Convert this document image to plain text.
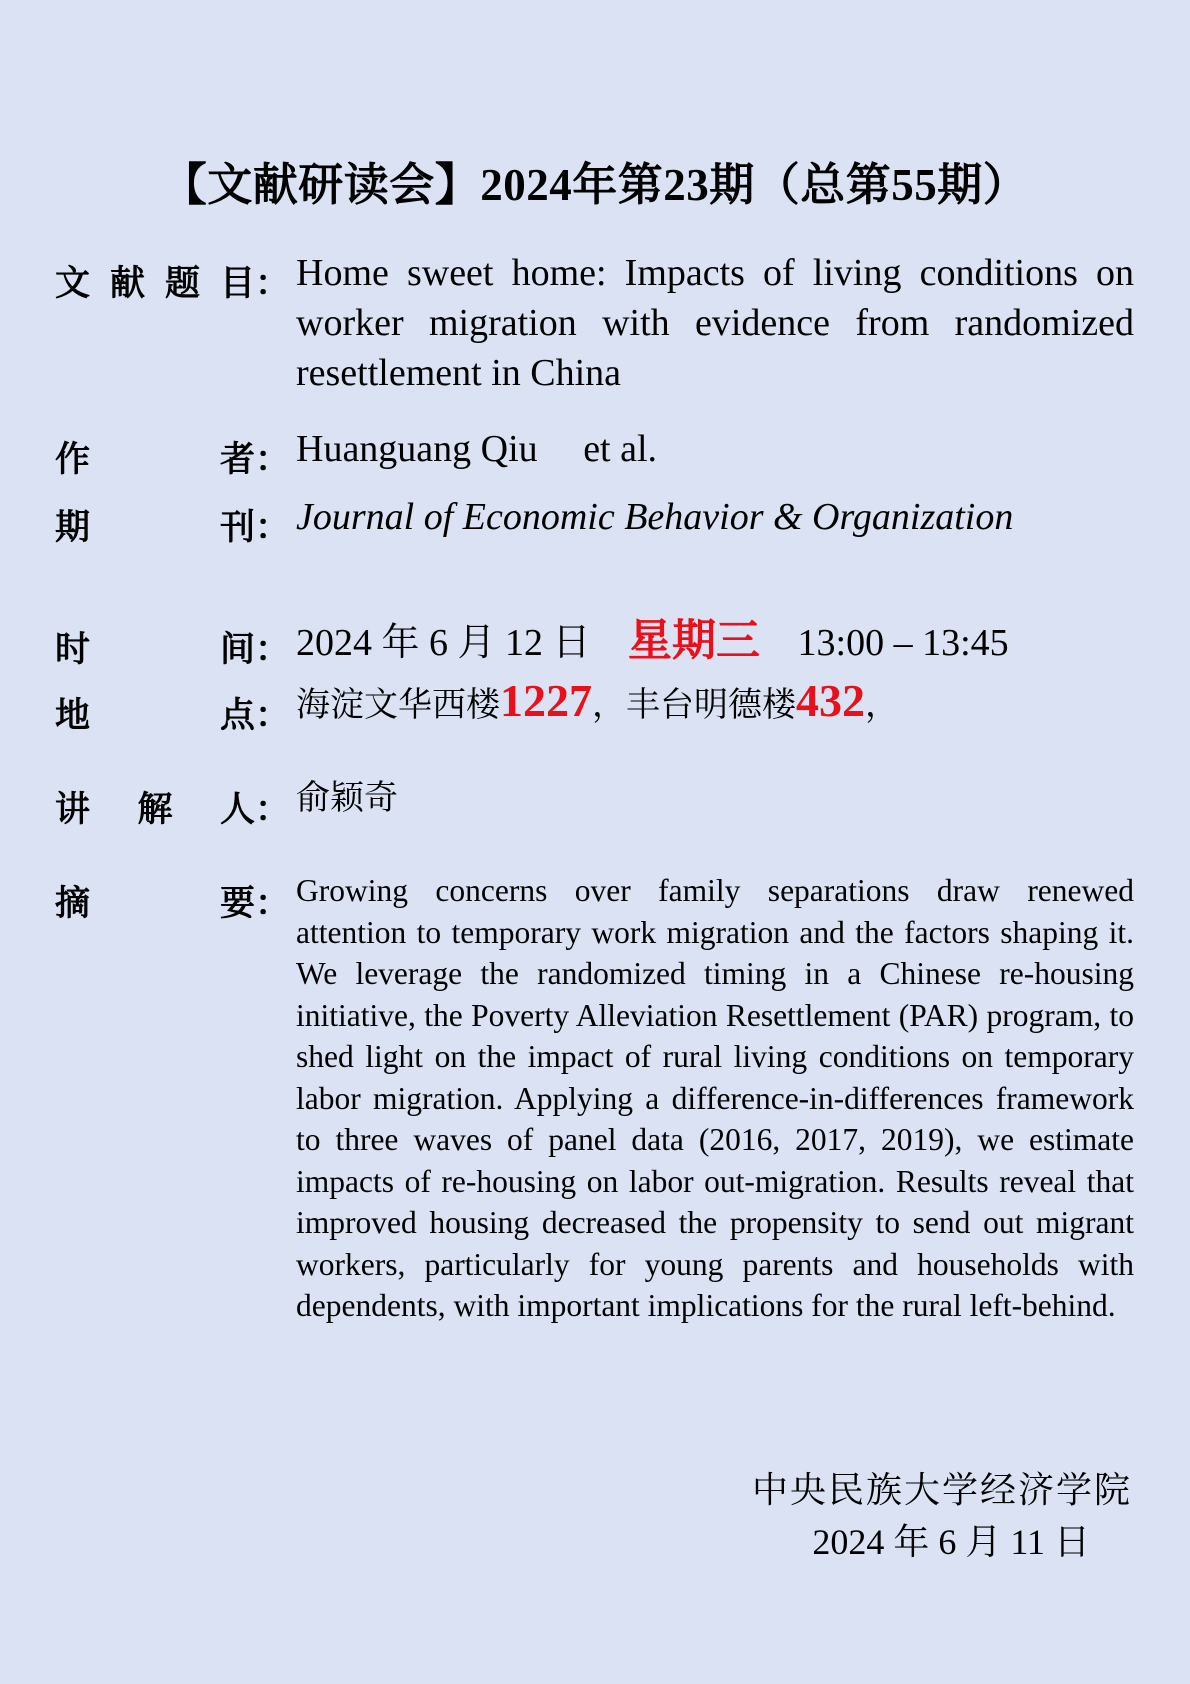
【文献研读会】2024年第23期（总第55期）
文 献 题 目 ： Home sweet home: Impacts of living conditions on worker migration with evidence from randomized resettlement in China
作	者 ： Huanguang Qiu et al.
期	刊 ： Journal of Economic Behavior & Organization
时	间 ： 2024 年 6 月 12 日 星期三 13:00 – 13:45
地	点 ： 海淀文华西楼1227，丰台明德楼432，
讲 解 人 ： 俞颖奇
摘	要 ： Growing concerns over family separations draw renewed attention to temporary work migration and the factors shaping it. We leverage the randomized timing in a Chinese re-housing initiative, the Poverty Alleviation Resettlement (PAR) program, to shed light on the impact of rural living conditions on temporary labor migration. Applying a difference-in-differences framework to three waves of panel data (2016, 2017, 2019), we estimate impacts of re-housing on labor out-migration. Results reveal that improved housing decreased the propensity to send out migrant workers, particularly for young parents and households with dependents, with important implications for the rural left-behind.
中央民族大学经济学院
2024 年 6 月 11 日
